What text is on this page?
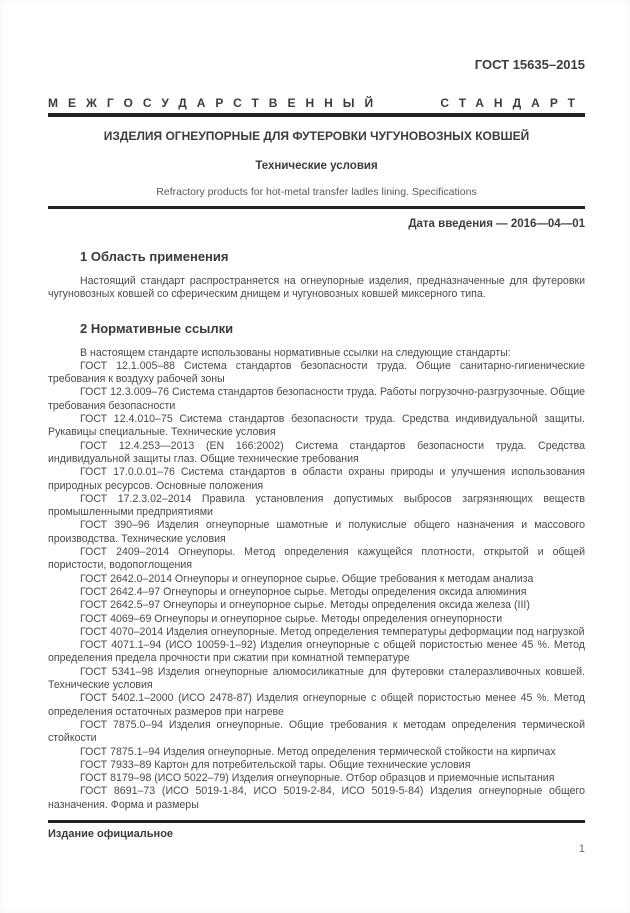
ГОСТ 15635–2015
МЕЖГОСУДАРСТВЕННЫЙ СТАНДАРТ
ИЗДЕЛИЯ ОГНЕУПОРНЫЕ ДЛЯ ФУТЕРОВКИ ЧУГУНОВОЗНЫХ КОВШЕЙ
Технические условия
Refractory products for hot-metal transfer ladles lining. Specifications
Дата введения — 2016—04—01
1 Область применения

Настоящий стандарт распространяется на огнеупорные изделия, предназначенные для футеровки чугуновозных ковшей со сферическим днищем и чугуновозных ковшей миксерного типа.

2 Нормативные ссылки

В настоящем стандарте использованы нормативные ссылки на следующие стандарты:

ГОСТ 12.1.005–88 Система стандартов безопасности труда. Общие санитарно-гигиенические требования к воздуху рабочей зоны

ГОСТ 12.3.009–76 Система стандартов безопасности труда. Работы погрузочно-разгрузочные. Общие требования безопасности

ГОСТ 12.4.010–75 Система стандартов безопасности труда. Средства индивидуальной защиты. Рукавицы специальные. Технические условия

ГОСТ 12.4.253—2013 (EN 166:2002) Система стандартов безопасности труда. Средства индивидуальной защиты глаз. Общие технические требования

ГОСТ 17.0.0.01–76 Система стандартов в области охраны природы и улучшения использования природных ресурсов. Основные положения

ГОСТ 17.2.3.02–2014 Правила установления допустимых выбросов загрязняющих веществ промышленными предприятиями

ГОСТ 390–96 Изделия огнеупорные шамотные и полукислые общего назначения и массового производства. Технические условия

ГОСТ 2409–2014 Огнеупоры. Метод определения кажущейся плотности, открытой и общей пористости, водопоглощения

ГОСТ 2642.0–2014 Огнеупоры и огнеупорное сырье. Общие требования к методам анализа

ГОСТ 2642.4–97 Огнеупоры и огнеупорное сырье. Методы определения оксида алюминия

ГОСТ 2642.5–97 Огнеупоры и огнеупорное сырье. Методы определения оксида железа (III)

ГОСТ 4069–69 Огнеупоры и огнеупорное сырье. Методы определения огнеупорности

ГОСТ 4070–2014 Изделия огнеупорные. Метод определения температуры деформации под нагрузкой

ГОСТ 4071.1–94 (ИСО 10059-1–92) Изделия огнеупорные с общей пористостью менее 45 %. Метод определения предела прочности при сжатии при комнатной температуре

ГОСТ 5341–98 Изделия огнеупорные алюмосиликатные для футеровки сталеразливочных ковшей. Технические условия

ГОСТ 5402.1–2000 (ИСО 2478-87) Изделия огнеупорные с общей пористостью менее 45 %. Метод определения остаточных размеров при нагреве

ГОСТ 7875.0–94 Изделия огнеупорные. Общие требования к методам определения термической стойкости

ГОСТ 7875.1–94 Изделия огнеупорные. Метод определения термической стойкости на кирпичах

ГОСТ 7933–89 Картон для потребительской тары. Общие технические условия

ГОСТ 8179–98 (ИСО 5022–79) Изделия огнеупорные. Отбор образцов и приемочные испытания

ГОСТ 8691–73 (ИСО 5019-1-84, ИСО 5019-2-84, ИСО 5019-5-84) Изделия огнеупорные общего назначения. Форма и размеры

Издание официальное
1
